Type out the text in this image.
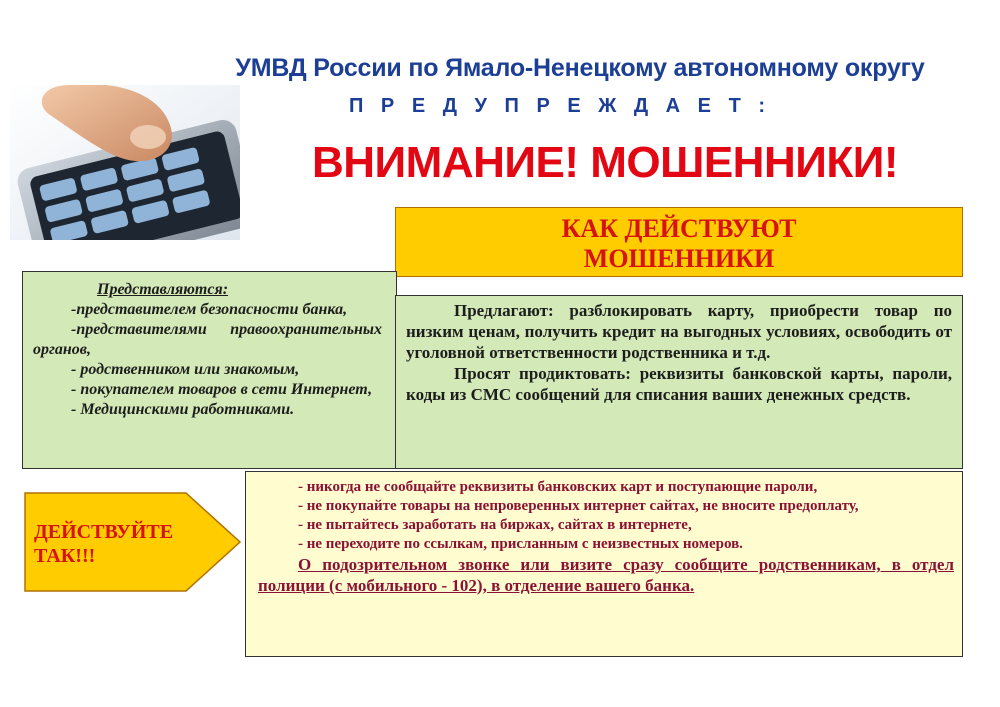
УМВД России по Ямало-Ненецкому автономному округу
П Р Е Д У П Р Е Ж Д А Е Т :
ВНИМАНИЕ! МОШЕННИКИ!
КАК ДЕЙСТВУЮТ
МОШЕННИКИ

Представляются:

-представителем безопасности банка,

-представителями правоохранительных органов,

- родственником или знакомым,

- покупателем товаров в сети Интернет,

- Медицинскими работниками.

Предлагают: разблокировать карту, приобрести товар по низким ценам, получить кредит на выгодных условиях, освободить от уголовной ответственности родственника и т.д.

Просят продиктовать: реквизиты банковской карты, пароли, коды из СМС сообщений для списания ваших денежных средств.

ДЕЙСТВУЙТЕ
ТАК!!!

- никогда не сообщайте реквизиты банковских карт и поступающие пароли,

- не покупайте товары на непроверенных интернет сайтах, не вносите предоплату,

- не пытайтесь заработать на биржах, сайтах в интернете,

- не переходите по ссылкам, присланным с неизвестных номеров.

О подозрительном звонке или визите сразу сообщите родственникам, в отдел полиции (с мобильного - 102), в отделение вашего банка.
